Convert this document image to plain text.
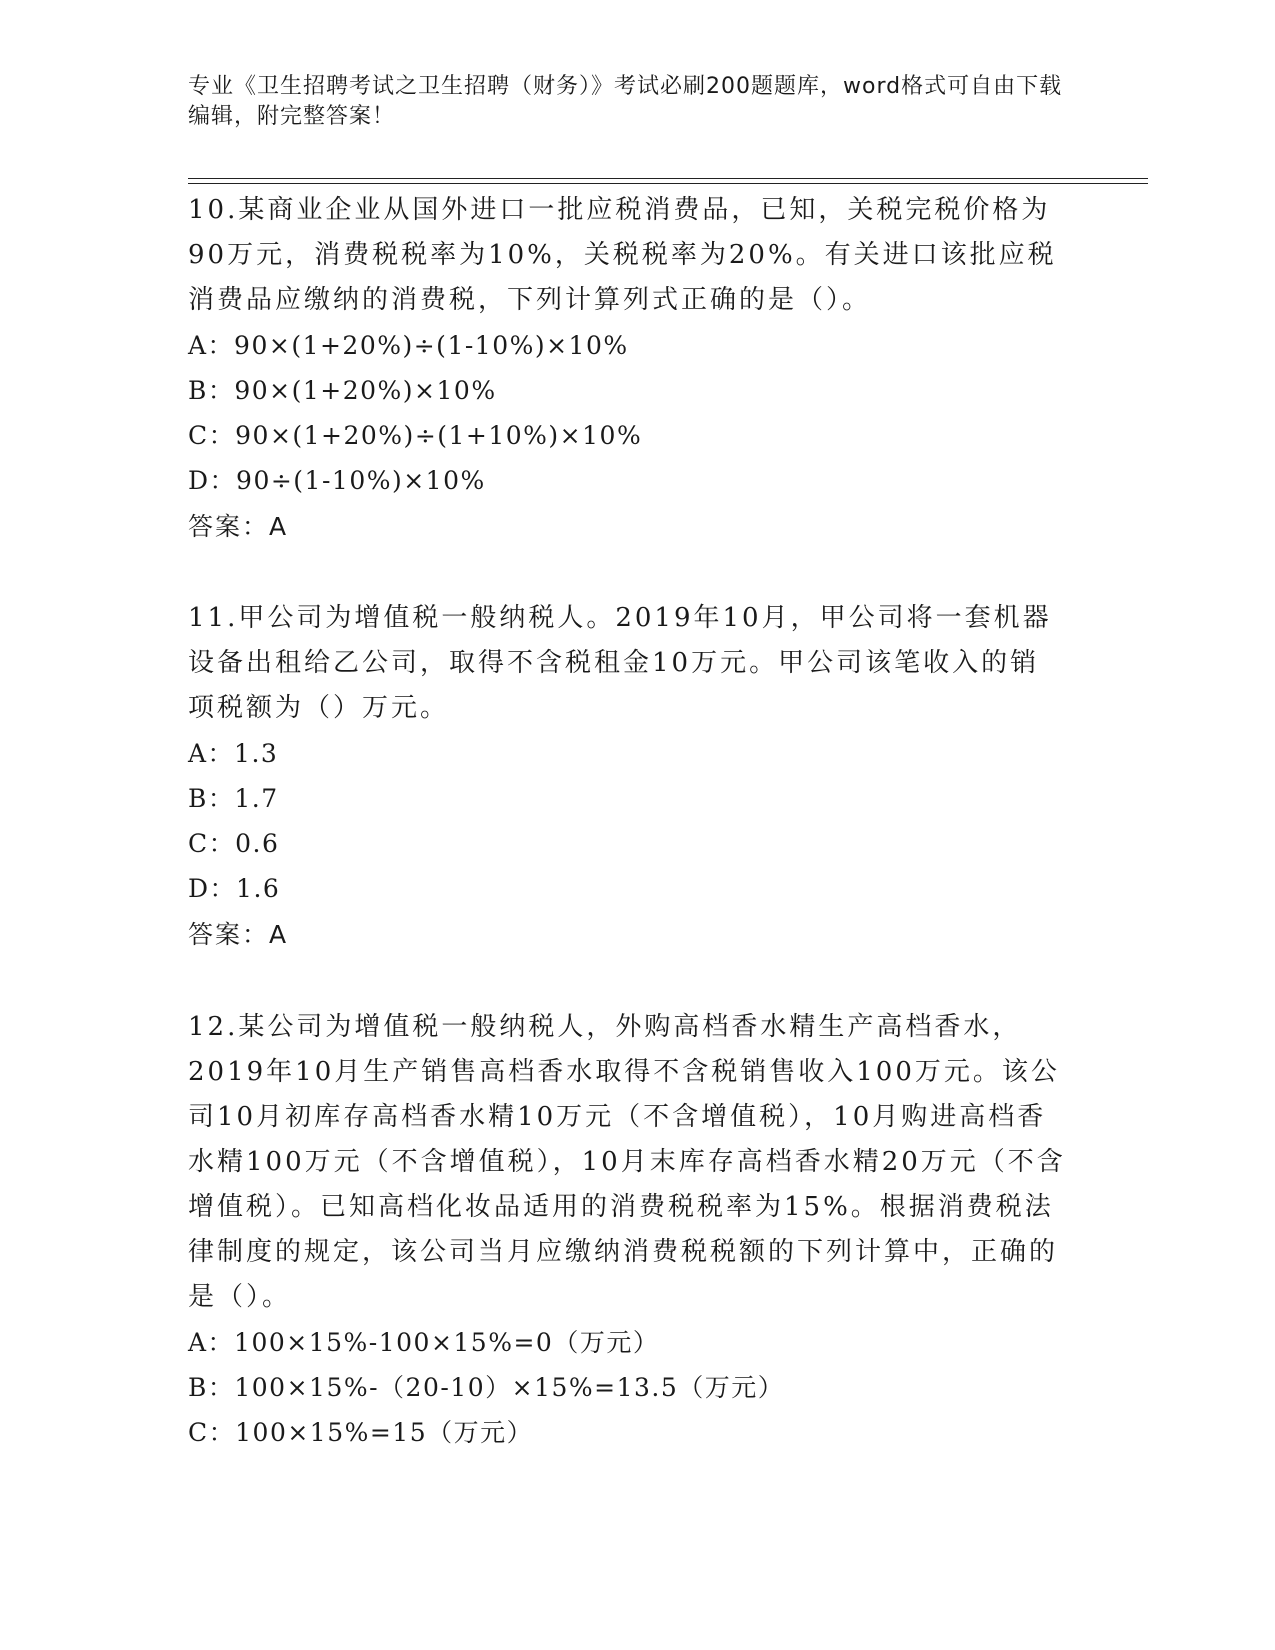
专业《卫生招聘考试之卫生招聘（财务）》考试必刷200题题库，word格式可自由下载编辑，附完整答案！

10.某商业企业从国外进口一批应税消费品，已知，关税完税价格为90万元，消费税税率为10%，关税税率为20%。有关进口该批应税消费品应缴纳的消费税，下列计算列式正确的是（）。

A：90×(1+20%)÷(1-10%)×10%

B：90×(1+20%)×10%

C：90×(1+20%)÷(1+10%)×10%

D：90÷(1-10%)×10%

答案：A

11.甲公司为增值税一般纳税人。2019年10月，甲公司将一套机器设备出租给乙公司，取得不含税租金10万元。甲公司该笔收入的销项税额为（）万元。

A：1.3

B：1.7

C：0.6

D：1.6

答案：A

12.某公司为增值税一般纳税人，外购高档香水精生产高档香水，2019年10月生产销售高档香水取得不含税销售收入100万元。该公司10月初库存高档香水精10万元（不含增值税），10月购进高档香水精100万元（不含增值税），10月末库存高档香水精20万元（不含增值税）。已知高档化妆品适用的消费税税率为15%。根据消费税法律制度的规定，该公司当月应缴纳消费税税额的下列计算中，正确的是（）。

A：100×15%-100×15%=0（万元）

B：100×15%-（20-10）×15%=13.5（万元）

C：100×15%=15（万元）
